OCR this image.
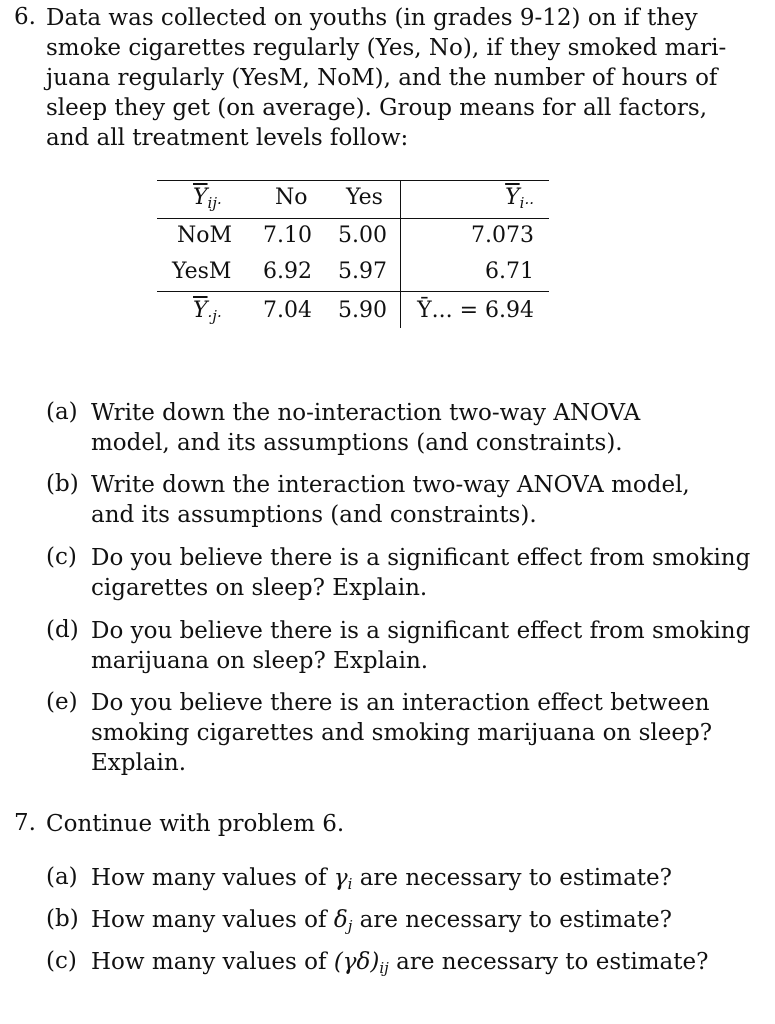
6. Data was collected on youths (in grades 9-12) on if they
smoke cigarettes regularly (Yes, No), if they smoked mari-
juana regularly (YesM, NoM), and the number of hours of
sleep they get (on average). Group means for all factors,
and all treatment levels follow:
$\overline{Y}_{ij\cdot}$ No Yes	$\overline{Y}_{i\cdot\cdot}$
NoM 7.10 5.00	7.073
YesM 6.92 5.97	6.71
$\overline{Y}_{\cdot j\cdot}$ 7.04 5.90 Ȳ... = 6.94
(a) Write down the no-interaction two-way ANOVA
model, and its assumptions (and constraints).
(b) Write down the interaction two-way ANOVA model,
and its assumptions (and constraints).
(c) Do you believe there is a significant effect from smoking
cigarettes on sleep? Explain.
(d) Do you believe there is a significant effect from smoking
marijuana on sleep? Explain.
(e) Do you believe there is an interaction effect between
smoking cigarettes and smoking marijuana on sleep?
Explain.
7. Continue with problem 6.
(a) How many values of $\gamma_i$ are necessary to estimate?
(b) How many values of $\delta_j$ are necessary to estimate?
(c) How many values of $(\gamma\delta)_{ij}$ are necessary to estimate?
